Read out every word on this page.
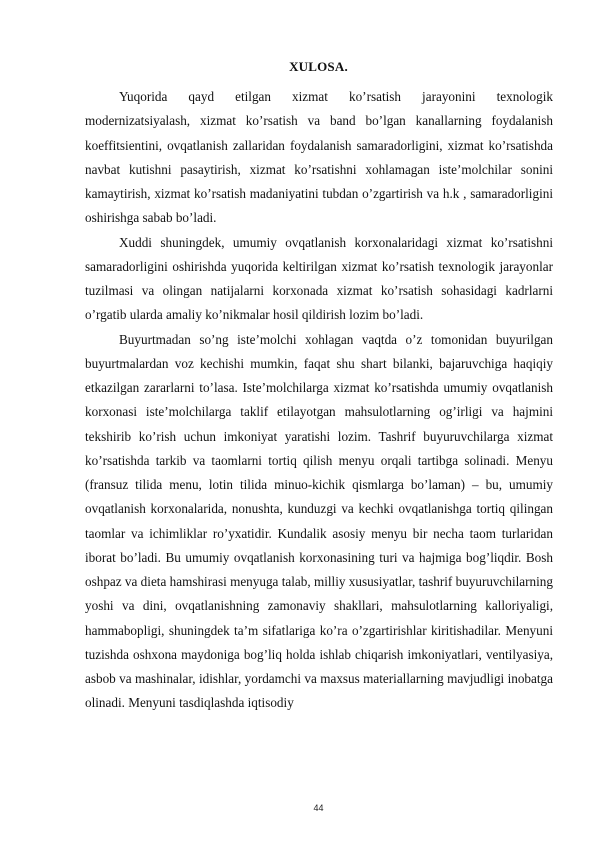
XULOSA.

Yuqorida qayd etilgan xizmat ko’rsatish jarayonini texnologik modernizatsiyalash, xizmat ko’rsatish va band bo’lgan kanallarning foydalanish koeffitsientini, ovqatlanish zallaridan foydalanish samaradorligini, xizmat ko’rsatishda navbat kutishni pasaytirish, xizmat ko’rsatishni xohlamagan iste’molchilar sonini kamaytirish, xizmat ko’rsatish madaniyatini tubdan o’zgartirish va h.k , samaradorligini oshirishga sabab bo’ladi.

Xuddi shuningdek, umumiy ovqatlanish korxonalaridagi xizmat ko’rsatishni samaradorligini oshirishda yuqorida keltirilgan xizmat ko’rsatish texnologik jarayonlar tuzilmasi va olingan natijalarni korxonada xizmat ko’rsatish sohasidagi kadrlarni o’rgatib ularda amaliy ko’nikmalar hosil qildirish lozim bo’ladi.

Buyurtmadan so’ng iste’molchi xohlagan vaqtda o’z tomonidan buyurilgan buyurtmalardan voz kechishi mumkin, faqat shu shart bilanki, bajaruvchiga haqiqiy etkazilgan zararlarni to’lasa. Iste’molchilarga xizmat ko’rsatishda umumiy ovqatlanish korxonasi iste’molchilarga taklif etilayotgan mahsulotlarning og’irligi va hajmini tekshirib ko’rish uchun imkoniyat yaratishi lozim. Tashrif buyuruvchilarga xizmat ko’rsatishda tarkib va taomlarni tortiq qilish menyu orqali tartibga solinadi. Menyu (fransuz tilida menu, lotin tilida minuo-kichik qismlarga bo’laman) – bu, umumiy ovqatlanish korxonalarida, nonushta, kunduzgi va kechki ovqatlanishga tortiq qilingan taomlar va ichimliklar ro’yxatidir. Kundalik asosiy menyu bir necha taom turlaridan iborat bo’ladi. Bu umumiy ovqatlanish korxonasining turi va hajmiga bog’liqdir. Bosh oshpaz va dieta hamshirasi menyuga talab, milliy xususiyatlar, tashrif buyuruvchilarning yoshi va dini, ovqatlanishning zamonaviy shakllari, mahsulotlarning kalloriyaligi, hammabopligi, shuningdek ta’m sifatlariga ko’ra o’zgartirishlar kiritishadilar. Menyuni tuzishda oshxona maydoniga bog’liq holda ishlab chiqarish imkoniyatlari, ventilyasiya, asbob va mashinalar, idishlar, yordamchi va maxsus materiallarning mavjudligi inobatga olinadi. Menyuni tasdiqlashda iqtisodiy

44
